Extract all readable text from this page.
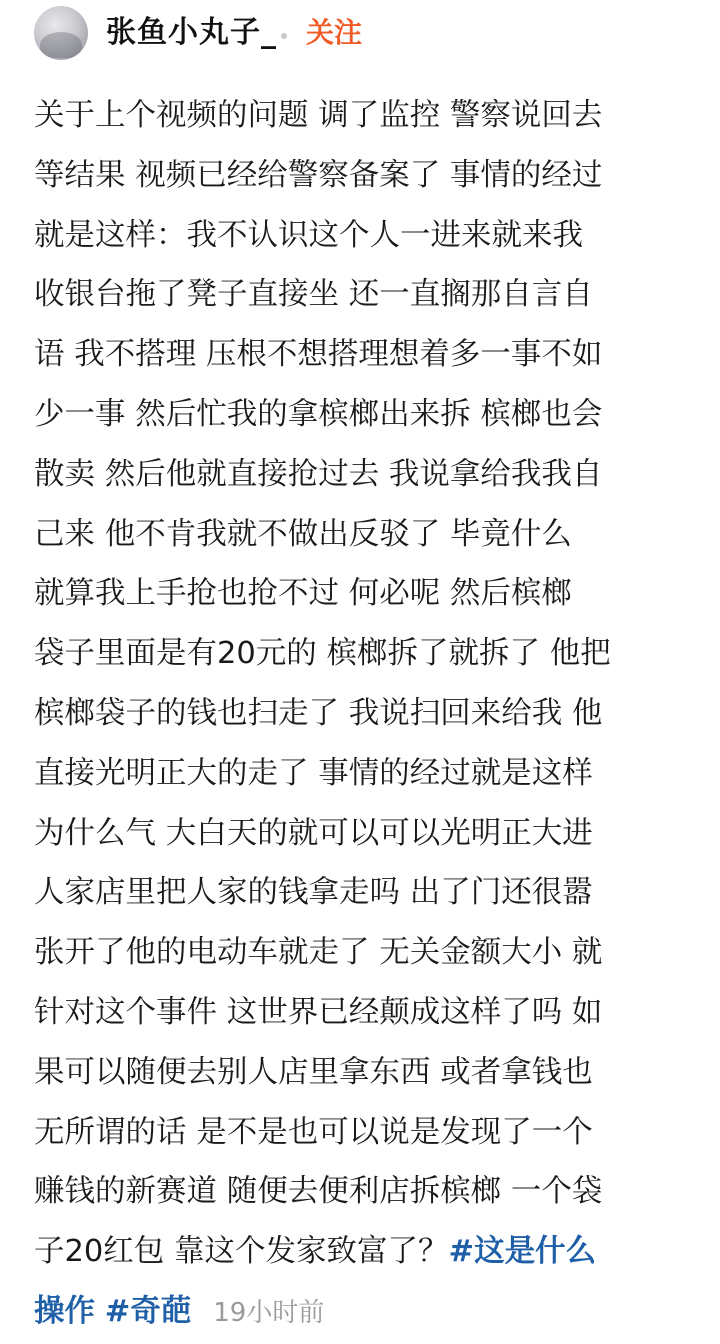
张鱼小丸子_ 关注
关于上个视频的问题 调了监控 警察说回去
等结果 视频已经给警察备案了 事情的经过
就是这样：我不认识这个人一进来就来我
收银台拖了凳子直接坐 还一直搁那自言自
语 我不搭理 压根不想搭理想着多一事不如
少一事 然后忙我的拿槟榔出来拆 槟榔也会
散卖 然后他就直接抢过去 我说拿给我我自
己来 他不肯我就不做出反驳了 毕竟什么
就算我上手抢也抢不过 何必呢 然后槟榔
袋子里面是有20元的 槟榔拆了就拆了 他把
槟榔袋子的钱也扫走了 我说扫回来给我 他
直接光明正大的走了 事情的经过就是这样
为什么气 大白天的就可以可以光明正大进
人家店里把人家的钱拿走吗 出了门还很嚣
张开了他的电动车就走了 无关金额大小 就
针对这个事件 这世界已经颠成这样了吗 如
果可以随便去别人店里拿东西 或者拿钱也
无所谓的话 是不是也可以说是发现了一个
赚钱的新赛道 随便去便利店拆槟榔 一个袋
子20红包 靠这个发家致富了？#这是什么
操作 #奇葩 19小时前
